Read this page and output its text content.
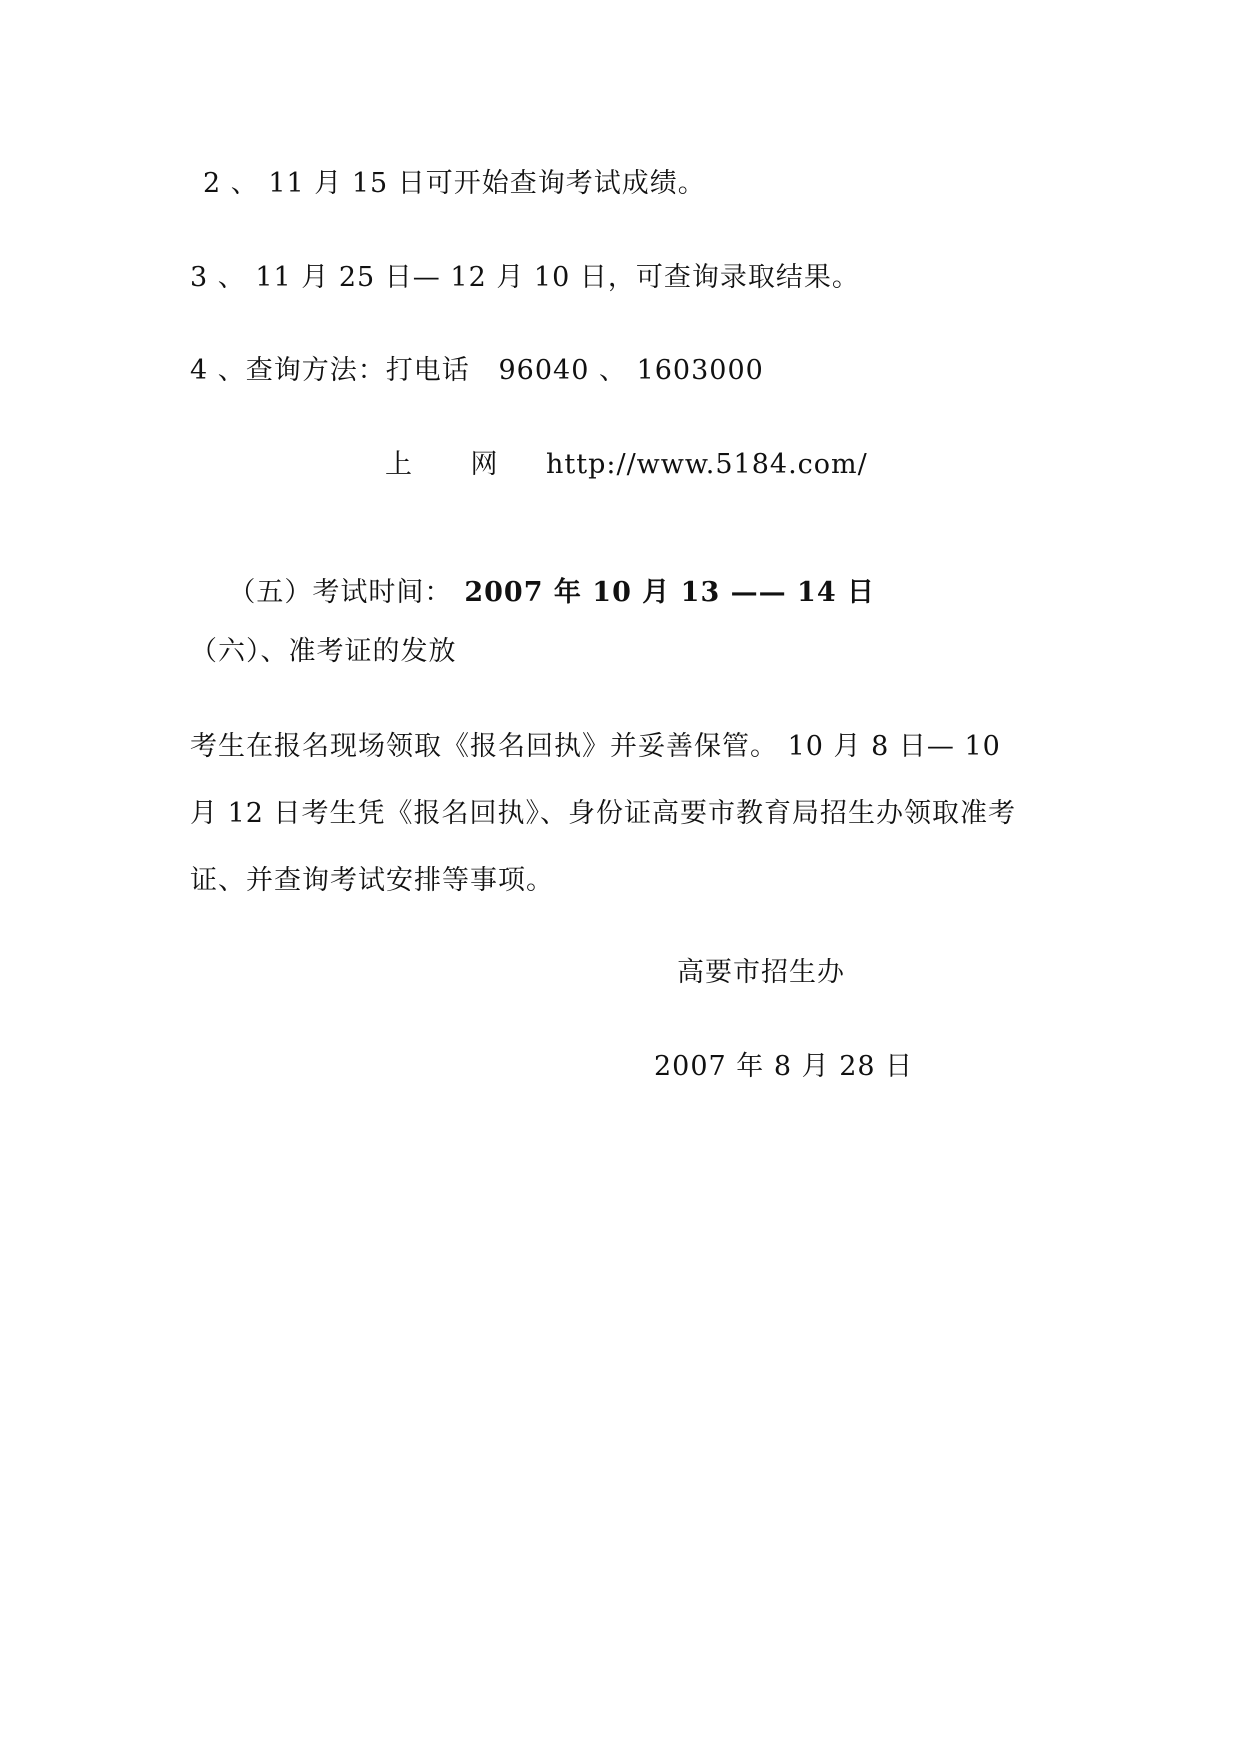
2 、 11 月 15 日可开始查询考试成绩。
3 、 11 月 25 日— 12 月 10 日，可查询录取结果。
4 、查询方法：打电话   96040 、 1603000
上      网 http://www.5184.com/

（五）考试时间： 2007 年 10 月 13 —— 14 日

（六）、准考证的发放
考生在报名现场领取《报名回执》并妥善保管。 10 月 8 日— 10
月 12 日考生凭《报名回执》、身份证高要市教育局招生办领取准考
证、并查询考试安排等事项。
高要市招生办
2007 年 8 月 28 日
